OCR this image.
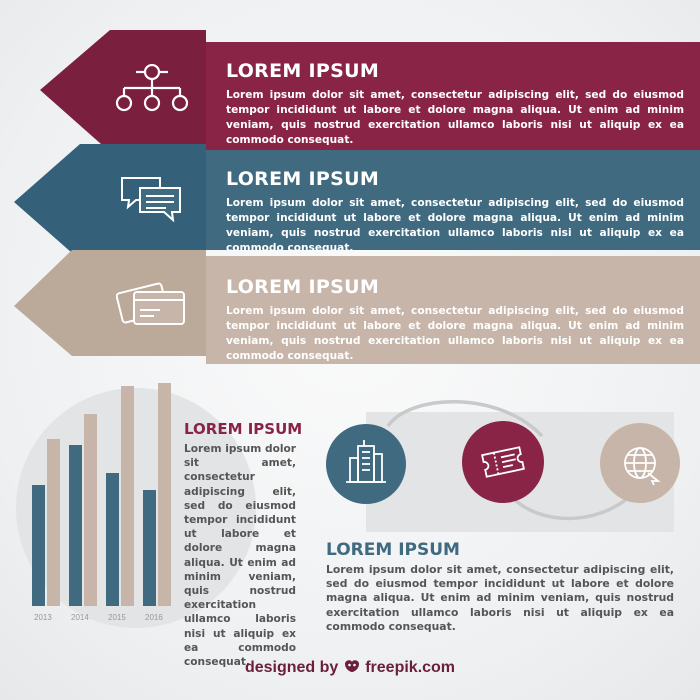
LOREM IPSUM

Lorem ipsum dolor sit amet, consectetur adipiscing elit, sed do eiusmod tempor incididunt ut labore et dolore magna aliqua. Ut enim ad minim veniam, quis nostrud exercitation ullamco laboris nisi ut aliquip ex ea commodo consequat.

LOREM IPSUM

Lorem ipsum dolor sit amet, consectetur adipiscing elit, sed do eiusmod tempor incididunt ut labore et dolore magna aliqua. Ut enim ad minim veniam, quis nostrud exercitation ullamco laboris nisi ut aliquip ex ea commodo consequat.

LOREM IPSUM

Lorem ipsum dolor sit amet, consectetur adipiscing elit, sed do eiusmod tempor incididunt ut labore et dolore magna aliqua. Ut enim ad minim veniam, quis nostrud exercitation ullamco laboris nisi ut aliquip ex ea commodo consequat.

2013 2014 2015 2016
LOREM IPSUM
Lorem ipsum dolor sit amet, consectetur adipiscing elit, sed do eiusmod tempor incididunt ut labore et dolore magna aliqua. Ut enim ad minim veniam, quis nostrud exercitation ullamco laboris nisi ut aliquip ex ea commodo consequat.
LOREM IPSUM
Lorem ipsum dolor sit amet, consectetur adipiscing elit, sed do eiusmod tempor incididunt ut labore et dolore magna aliqua. Ut enim ad minim veniam, quis nostrud exercitation ullamco laboris nisi ut aliquip ex ea commodo consequat.
designed by freepik.com
